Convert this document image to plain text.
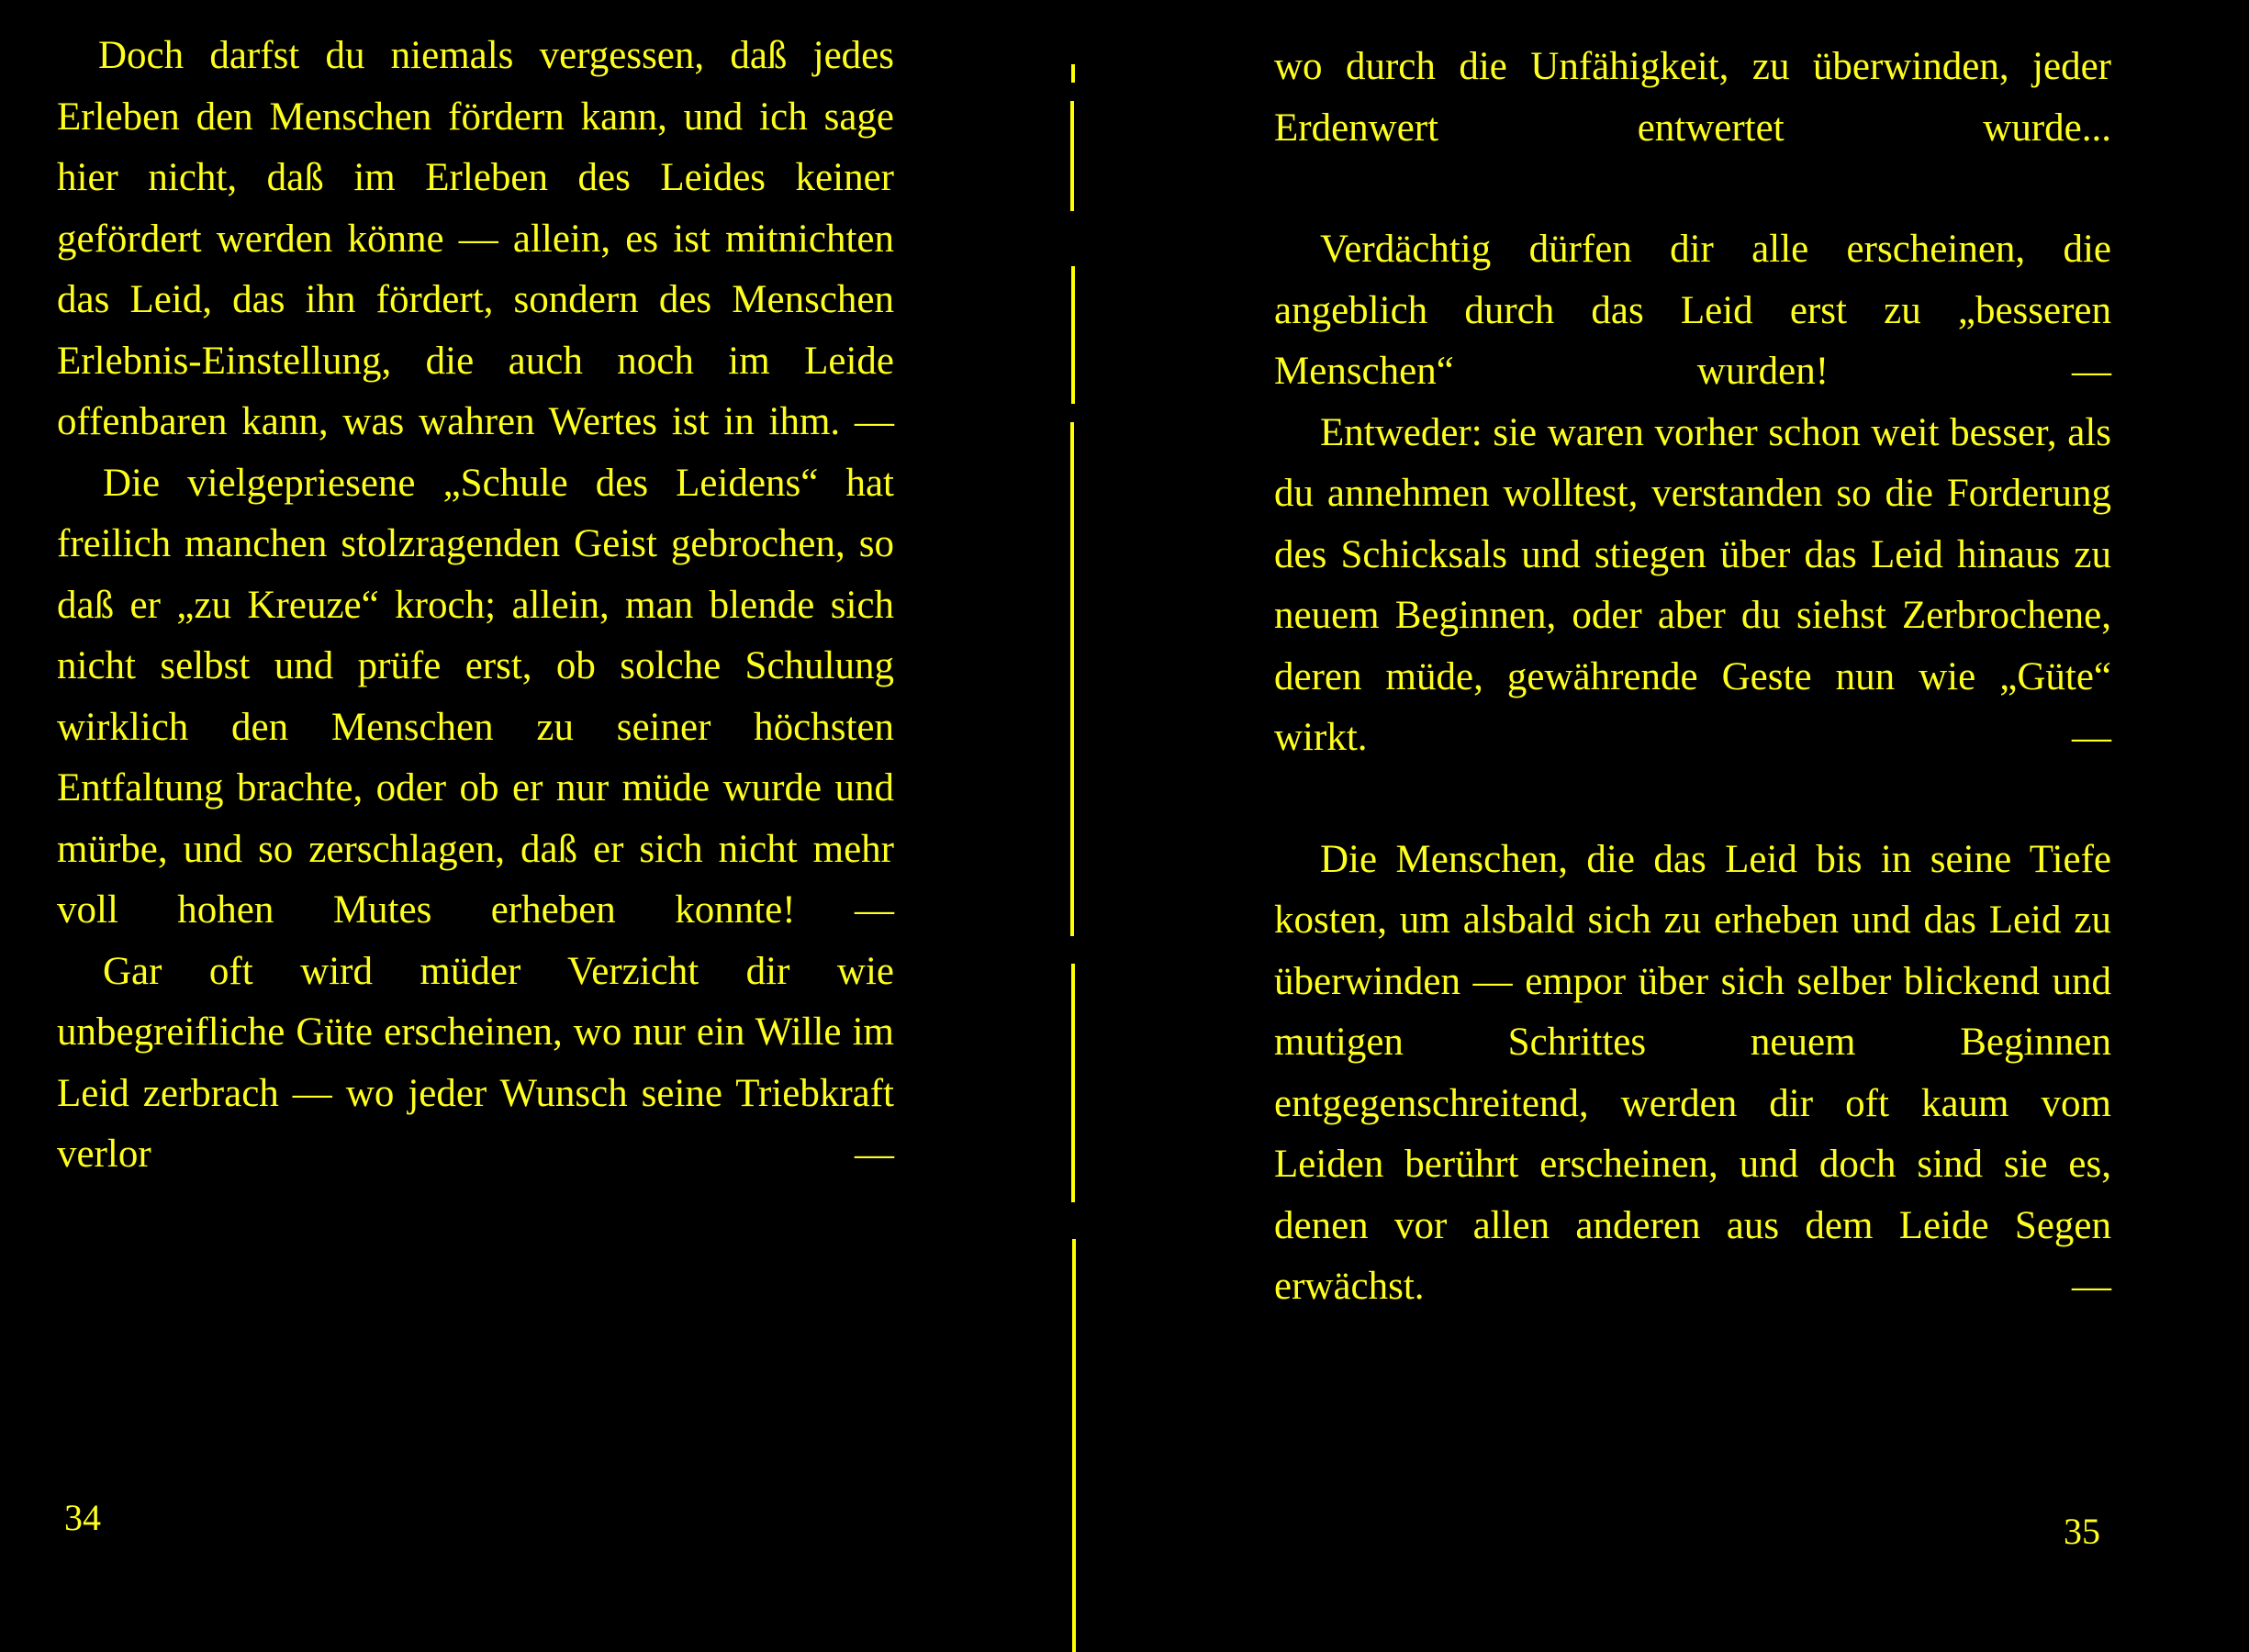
Doch darfst du niemals vergessen, daß jedes Erleben den Menschen fördern kann, und ich sage hier nicht, daß im Erleben des Leides keiner gefördert werden könne — allein, es ist mitnichten das Leid, das ihn fördert, sondern des Menschen Erlebnis-Einstellung, die auch noch im Leide offenbaren kann, was wahren Wertes ist in ihm. —

Die vielgepriesene „Schule des Leidens“ hat freilich manchen stolzragenden Geist gebrochen, so daß er „zu Kreuze“ kroch; allein, man blende sich nicht selbst und prüfe erst, ob solche Schulung wirklich den Menschen zu seiner höchsten Entfaltung brachte, oder ob er nur müde wurde und mürbe, und so zerschlagen, daß er sich nicht mehr voll hohen Mutes erheben konnte! —

Gar oft wird müder Verzicht dir wie unbegreifliche Güte erscheinen, wo nur ein Wille im Leid zerbrach — wo jeder Wunsch seine Triebkraft verlor —

34

wo durch die Unfähigkeit, zu überwinden, jeder Erdenwert entwertet wurde...

Verdächtig dürfen dir alle erscheinen, die angeblich durch das Leid erst zu „besseren Menschen“ wurden! —

Entweder: sie waren vorher schon weit besser, als du annehmen wolltest, verstanden so die Forderung des Schicksals und stiegen über das Leid hinaus zu neuem Beginnen, oder aber du siehst Zerbrochene, deren müde, gewährende Geste nun wie „Güte“ wirkt. —

Die Menschen, die das Leid bis in seine Tiefe kosten, um alsbald sich zu erheben und das Leid zu überwinden — empor über sich selber blickend und mutigen Schrittes neuem Beginnen entgegenschreitend, werden dir oft kaum vom Leiden berührt erscheinen, und doch sind sie es, denen vor allen anderen aus dem Leide Segen erwächst. —

35
